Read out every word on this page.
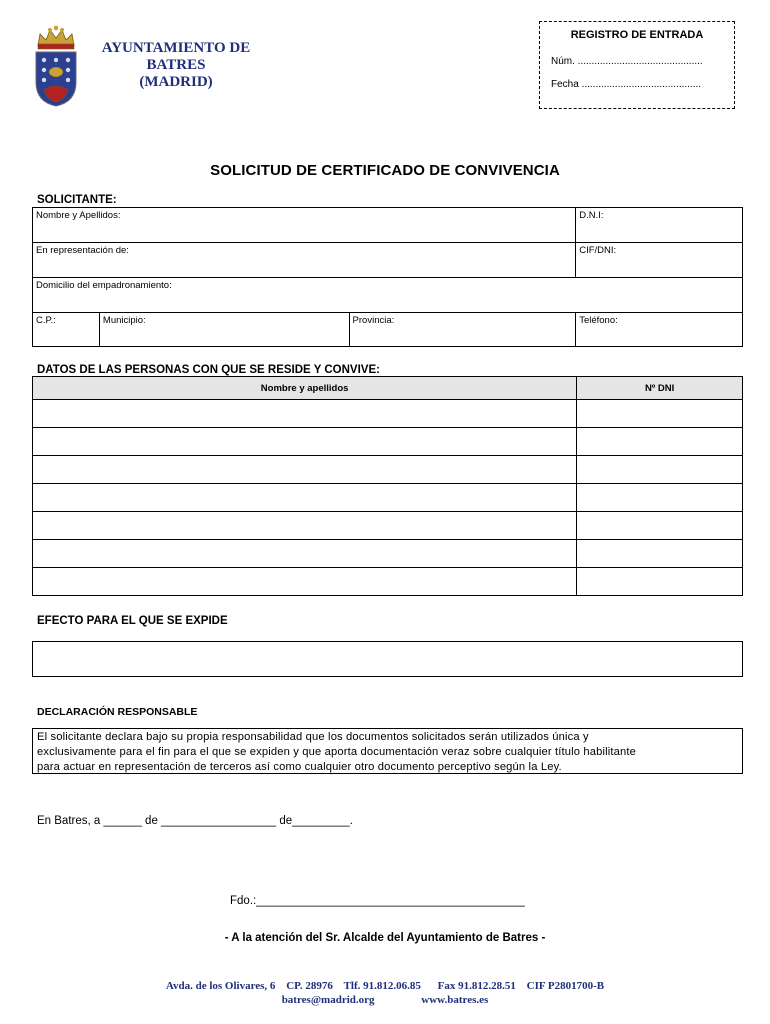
AYUNTAMIENTO DE
BATRES
(MADRID)
REGISTRO DE ENTRADA
Núm. .............................................
Fecha ...........................................
SOLICITUD DE CERTIFICADO DE CONVIVENCIA
SOLICITANTE:
Nombre y Apellidos:			D.N.I:

En representación de:			CIF/DNI:

Domicilio del empadronamiento:			

C.P.:	Municipio:	Provincia:	Teléfono:
DATOS DE LAS PERSONAS CON QUE SE RESIDE Y CONVIVE:
Nombre y apellidos	Nº DNI

EFECTO PARA EL QUE SE EXPIDE
DECLARACIÓN RESPONSABLE
El solicitante declara bajo su propia responsabilidad que los documentos solicitados serán utilizados única y
exclusivamente para el fin para el que se expiden y que aporta documentación veraz sobre cualquier título habilitante
para actuar en representación de terceros así como cualquier otro documento perceptivo según la Ley.
En Batres, a ______ de __________________ de_________.
Fdo.:__________________________________________
- A la atención del Sr. Alcalde del Ayuntamiento de Batres -
Avda. de los Olivares, 6 CP. 28976 Tlf. 91.812.06.85 Fax 91.812.28.51 CIF P2801700-B
batres@madrid.org	www.batres.es
